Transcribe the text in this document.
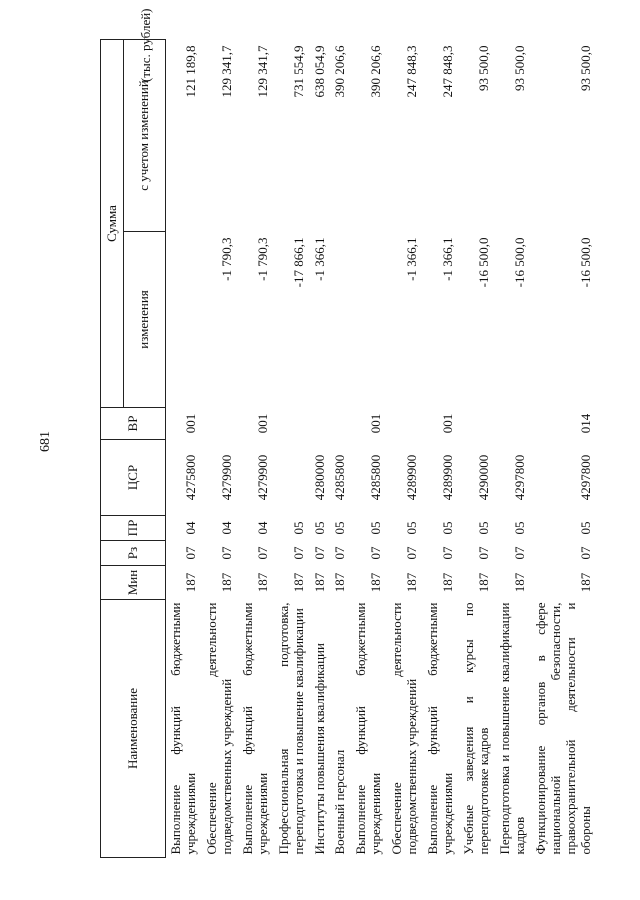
681
(тыс. рублей)
Наименование	Мин	Рз	ПР	ЦСР	ВР	Сумма	
						изменения	с учетом изменений
Выполнение функций бюджетными учреждениями	187	07	04	4275800	001		121 189,8
Обеспечение деятельности подведомственных учреждений	187	07	04	4279900		-1 790,3	129 341,7
Выполнение функций бюджетными учреждениями	187	07	04	4279900	001	-1 790,3	129 341,7
Профессиональная подготовка, переподготовка и повышение квалификации	187	07	05			-17 866,1	731 554,9
Институты повышения квалификации	187	07	05	4280000		-1 366,1	638 054,9
Военный персонал	187	07	05	4285800			390 206,6
Выполнение функций бюджетными учреждениями	187	07	05	4285800	001		390 206,6
Обеспечение деятельности подведомственных учреждений	187	07	05	4289900		-1 366,1	247 848,3
Выполнение функций бюджетными учреждениями	187	07	05	4289900	001	-1 366,1	247 848,3
Учебные заведения и курсы по переподготовке кадров	187	07	05	4290000		-16 500,0	93 500,0
Переподготовка и повышение квалификации кадров	187	07	05	4297800		-16 500,0	93 500,0
Функционирование органов в сфере национальной безопасности, правоохранительной деятельности и обороны	187	07	05	4297800	014	-16 500,0	93 500,0
